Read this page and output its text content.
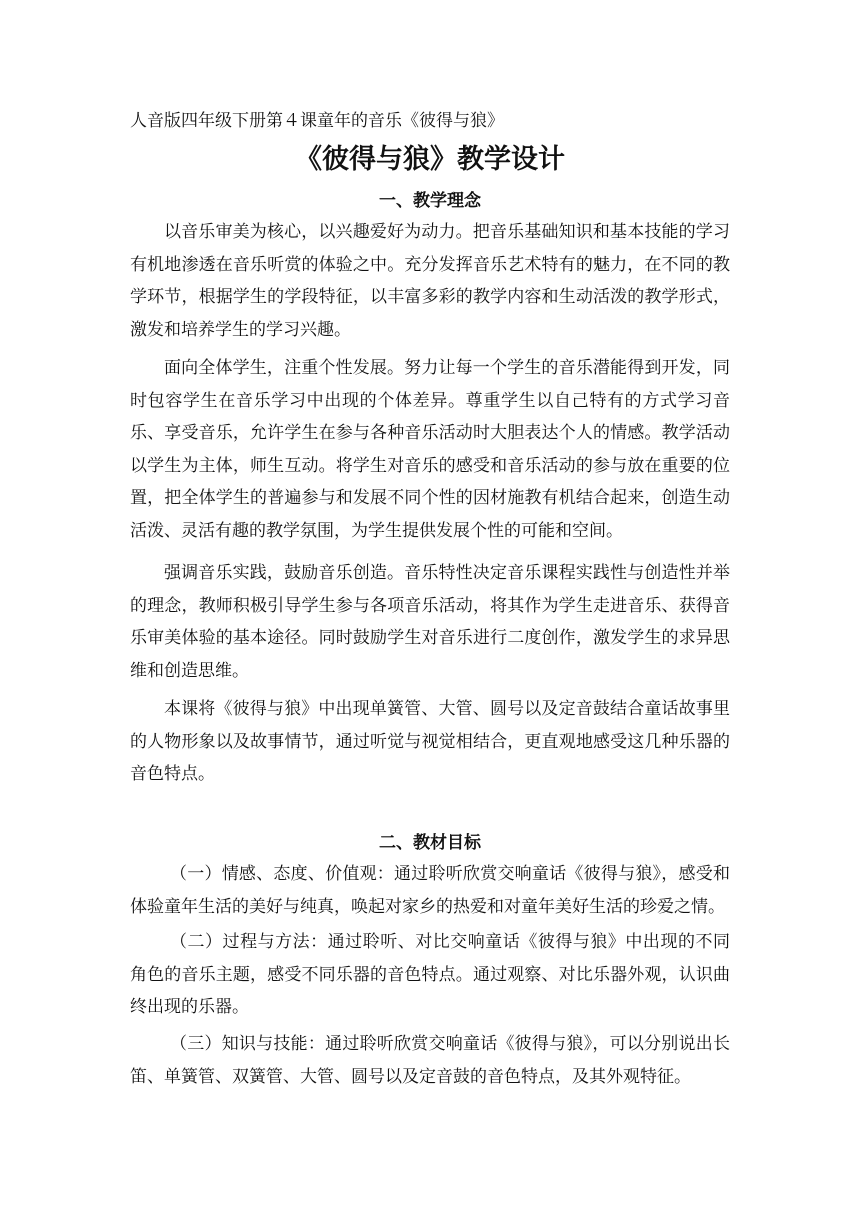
人音版四年级下册第４课童年的音乐《彼得与狼》
《彼得与狼》教学设计
一、教学理念

以音乐审美为核心，以兴趣爱好为动力。把音乐基础知识和基本技能的学习有机地渗透在音乐听赏的体验之中。充分发挥音乐艺术特有的魅力，在不同的教学环节，根据学生的学段特征，以丰富多彩的教学内容和生动活泼的教学形式，激发和培养学生的学习兴趣。

面向全体学生，注重个性发展。努力让每一个学生的音乐潜能得到开发，同时包容学生在音乐学习中出现的个体差异。尊重学生以自己特有的方式学习音乐、享受音乐，允许学生在参与各种音乐活动时大胆表达个人的情感。教学活动以学生为主体，师生互动。将学生对音乐的感受和音乐活动的参与放在重要的位置，把全体学生的普遍参与和发展不同个性的因材施教有机结合起来，创造生动活泼、灵活有趣的教学氛围，为学生提供发展个性的可能和空间。

强调音乐实践，鼓励音乐创造。音乐特性决定音乐课程实践性与创造性并举的理念，教师积极引导学生参与各项音乐活动，将其作为学生走进音乐、获得音乐审美体验的基本途径。同时鼓励学生对音乐进行二度创作，激发学生的求异思维和创造思维。

本课将《彼得与狼》中出现单簧管、大管、圆号以及定音鼓结合童话故事里的人物形象以及故事情节，通过听觉与视觉相结合，更直观地感受这几种乐器的音色特点。

二、教材目标

（一）情感、态度、价值观：通过聆听欣赏交响童话《彼得与狼》，感受和体验童年生活的美好与纯真，唤起对家乡的热爱和对童年美好生活的珍爱之情。

（二）过程与方法：通过聆听、对比交响童话《彼得与狼》中出现的不同角色的音乐主题，感受不同乐器的音色特点。通过观察、对比乐器外观，认识曲终出现的乐器。

（三）知识与技能：通过聆听欣赏交响童话《彼得与狼》，可以分别说出长笛、单簧管、双簧管、大管、圆号以及定音鼓的音色特点，及其外观特征。
